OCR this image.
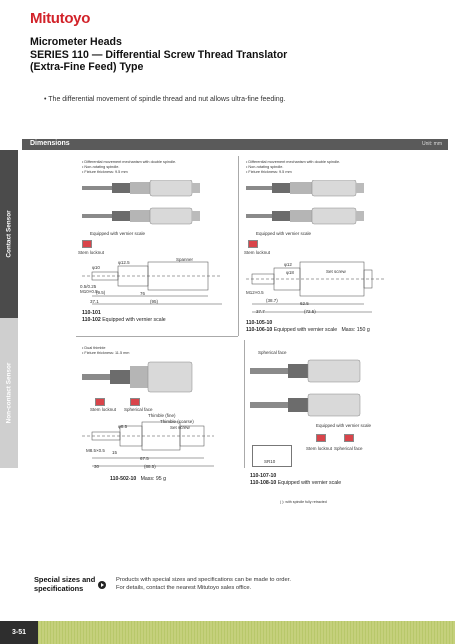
Mitutoyo
Micrometer Heads
SERIES 110 — Differential Screw Thread Translator
(Extra-Fine Feed) Type
• The differential movement of spindle thread and nut allows ultra-fine feeding.
Dimensions	Unit: mm
Contact Sensor
Non-contact Sensor
• Differential movement mechanism with double spindle.
• Non-rotating spindle.
• Fixture thickness: 9.5 mm
• Differential movement mechanism with double spindle.
• Non-rotating spindle.
• Fixture thickness: 9.5 mm
Equipped with vernier scale	Equipped with vernier scale
Stem locknut	Stem locknut
φ10
φ12.5
Spanner
0.5/0.25 M10×0.5
(9.5)	76
37.1	(95)
110-101
110-102 Equipped with vernier scale
φ12
φ18	Set screw
M12×0.5
(38.7)
62.5
37.7	(72.5)
110-105-10
110-106-10 Equipped with vernier scale Mass: 150 g
• Dual thimble
• Fixture thickness: 11.5 mm
Stem locknut Spherical face
Thimble (fine)
Thimble (coarse)
Set screw
φ8.5
M8.5×0.5 15
67.5
30	(88.5)
110-502-10 Mass: 95 g
Spherical face
Equipped with vernier scale
Stem locknut Spherical face
SR10
110-107-10
110-108-10 Equipped with vernier scale
( ): with spindle fully retracted
Special sizes and
specifications
Products with special sizes and specifications can be made to order.
For details, contact the nearest Mitutoyo sales office.
3-51
